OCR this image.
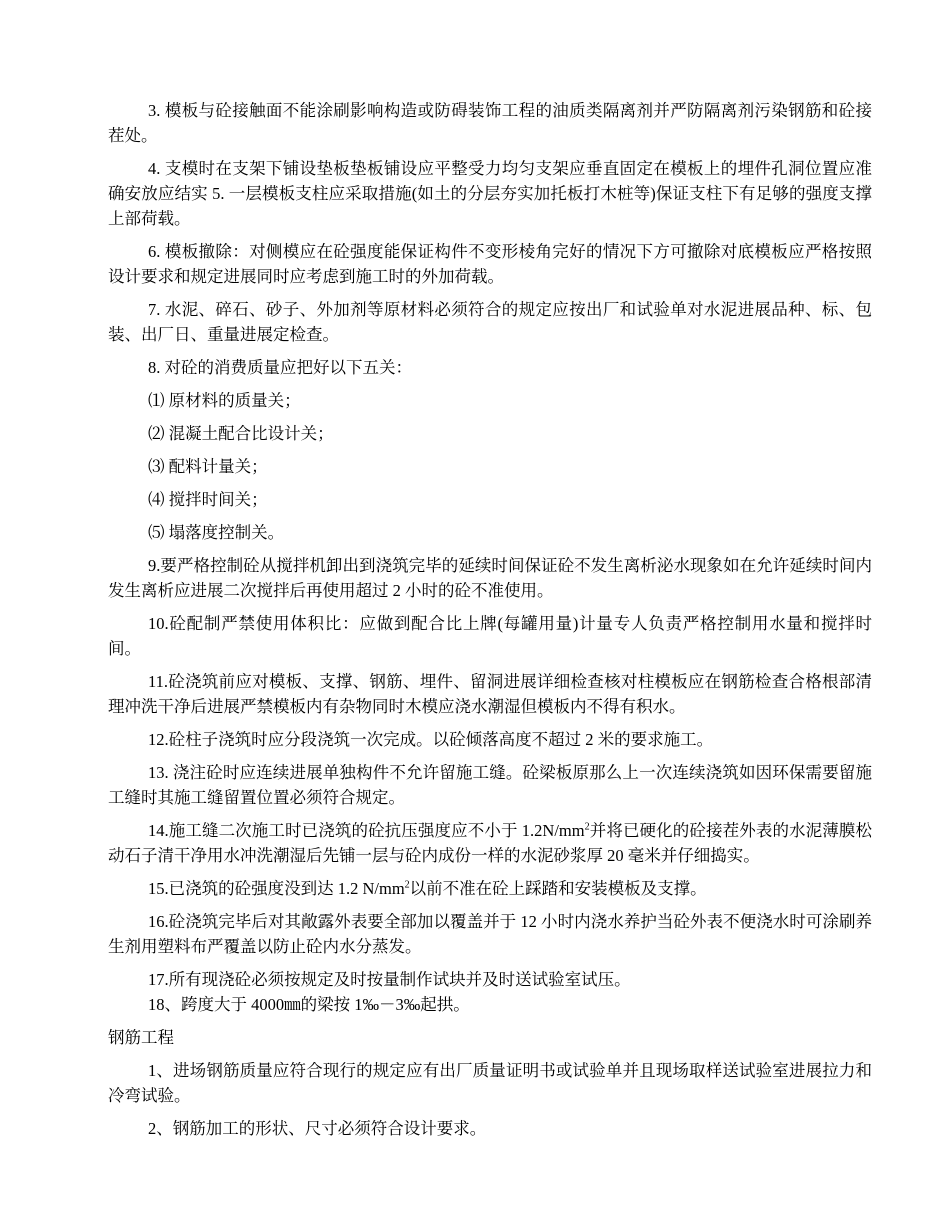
3. 模板与砼接触面不能涂刷影响构造或防碍装饰工程的油质类隔离剂并严防隔离剂污染钢筋和砼接茬处。

4. 支模时在支架下铺设垫板垫板铺设应平整受力均匀支架应垂直固定在模板上的埋件孔洞位置应准确安放应结实 5. 一层模板支柱应采取措施(如土的分层夯实加托板打木桩等)保证支柱下有足够的强度支撑上部荷载。

6. 模板撤除：对侧模应在砼强度能保证构件不变形棱角完好的情况下方可撤除对底模板应严格按照设计要求和规定进展同时应考虑到施工时的外加荷载。

7. 水泥、碎石、砂子、外加剂等原材料必须符合的规定应按出厂和试验单对水泥进展品种、标、包装、出厂日、重量进展定检查。

8. 对砼的消费质量应把好以下五关：

⑴ 原材料的质量关；

⑵ 混凝土配合比设计关；

⑶ 配料计量关；

⑷ 搅拌时间关；

⑸ 塌落度控制关。

9.要严格控制砼从搅拌机卸出到浇筑完毕的延续时间保证砼不发生离析泌水现象如在允许延续时间内发生离析应进展二次搅拌后再使用超过 2 小时的砼不准使用。

10.砼配制严禁使用体积比：应做到配合比上牌(每罐用量)计量专人负责严格控制用水量和搅拌时间。

11.砼浇筑前应对模板、支撑、钢筋、埋件、留洞进展详细检查核对柱模板应在钢筋检查合格根部清理冲洗干净后进展严禁模板内有杂物同时木模应浇水潮湿但模板内不得有积水。

12.砼柱子浇筑时应分段浇筑一次完成。以砼倾落高度不超过 2 米的要求施工。

13. 浇注砼时应连续进展单独构件不允许留施工缝。砼梁板原那么上一次连续浇筑如因环保需要留施工缝时其施工缝留置位置必须符合规定。

14.施工缝二次施工时已浇筑的砼抗压强度应不小于 $1.2N/mm^2$并将已硬化的砼接茬外表的水泥薄膜松动石子清干净用水冲洗潮湿后先铺一层与砼内成份一样的水泥砂浆厚 20 毫米并仔细捣实。

15.已浇筑的砼强度没到达 1.2 $N/mm^2$以前不准在砼上踩踏和安装模板及支撑。

16.砼浇筑完毕后对其敞露外表要全部加以覆盖并于 12 小时内浇水养护当砼外表不便浇水时可涂刷养生剂用塑料布严覆盖以防止砼内水分蒸发。

17.所有现浇砼必须按规定及时按量制作试块并及时送试验室试压。

18、跨度大于 4000㎜的梁按 1‰－3‰起拱。

钢筋工程

1、进场钢筋质量应符合现行的规定应有出厂质量证明书或试验单并且现场取样送试验室进展拉力和冷弯试验。

2、钢筋加工的形状、尺寸必须符合设计要求。
